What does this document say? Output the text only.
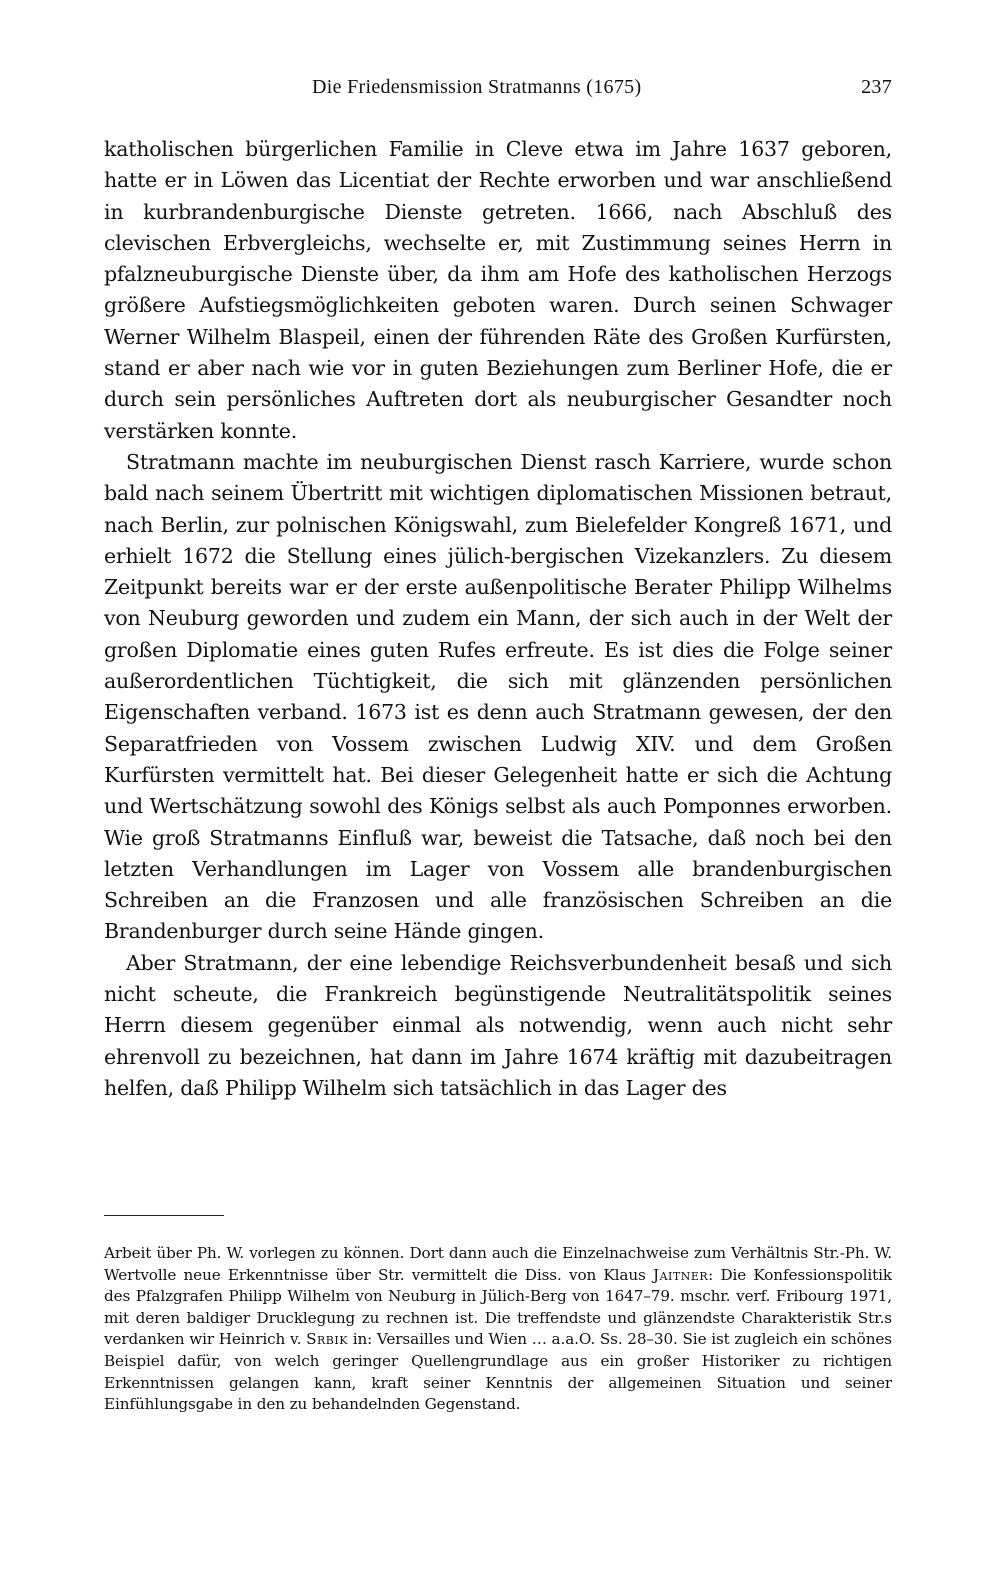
Die Friedensmission Stratmanns (1675)	237

katholischen bürgerlichen Familie in Cleve etwa im Jahre 1637 geboren, hatte er in Löwen das Licentiat der Rechte erworben und war anschließend in kurbrandenburgische Dienste getreten. 1666, nach Abschluß des clevischen Erbvergleichs, wechselte er, mit Zustimmung seines Herrn in pfalzneuburgische Dienste über, da ihm am Hofe des katholischen Herzogs größere Aufstiegsmöglichkeiten geboten waren. Durch seinen Schwager Werner Wilhelm Blaspeil, einen der führenden Räte des Großen Kurfürsten, stand er aber nach wie vor in guten Beziehungen zum Berliner Hofe, die er durch sein persönliches Auftreten dort als neuburgischer Gesandter noch verstärken konnte.

Stratmann machte im neuburgischen Dienst rasch Karriere, wurde schon bald nach seinem Übertritt mit wichtigen diplomatischen Missionen betraut, nach Berlin, zur polnischen Königswahl, zum Bielefelder Kongreß 1671, und erhielt 1672 die Stellung eines jülich-bergischen Vizekanzlers. Zu diesem Zeitpunkt bereits war er der erste außenpolitische Berater Philipp Wilhelms von Neuburg geworden und zudem ein Mann, der sich auch in der Welt der großen Diplomatie eines guten Rufes erfreute. Es ist dies die Folge seiner außerordentlichen Tüchtigkeit, die sich mit glänzenden persönlichen Eigenschaften verband. 1673 ist es denn auch Stratmann gewesen, der den Separatfrieden von Vossem zwischen Ludwig XIV. und dem Großen Kurfürsten vermittelt hat. Bei dieser Gelegenheit hatte er sich die Achtung und Wertschätzung sowohl des Königs selbst als auch Pomponnes erworben. Wie groß Stratmanns Einfluß war, beweist die Tatsache, daß noch bei den letzten Verhandlungen im Lager von Vossem alle brandenburgischen Schreiben an die Franzosen und alle französischen Schreiben an die Brandenburger durch seine Hände gingen.

Aber Stratmann, der eine lebendige Reichsverbundenheit besaß und sich nicht scheute, die Frankreich begünstigende Neutralitätspolitik seines Herrn diesem gegenüber einmal als notwendig, wenn auch nicht sehr ehrenvoll zu bezeichnen, hat dann im Jahre 1674 kräftig mit dazubeitragen helfen, daß Philipp Wilhelm sich tatsächlich in das Lager des

Arbeit über Ph. W. vorlegen zu können. Dort dann auch die Einzelnachweise zum Verhältnis Str.-Ph. W. Wertvolle neue Erkenntnisse über Str. vermittelt die Diss. von Klaus Jaitner: Die Konfessionspolitik des Pfalzgrafen Philipp Wilhelm von Neuburg in Jülich-Berg von 1647–79. mschr. verf. Fribourg 1971, mit deren baldiger Drucklegung zu rechnen ist. Die treffendste und glänzendste Charakteristik Str.s verdanken wir Heinrich v. Srbik in: Versailles und Wien … a.a.O. Ss. 28–30. Sie ist zugleich ein schönes Beispiel dafür, von welch geringer Quellengrundlage aus ein großer Historiker zu richtigen Erkenntnissen gelangen kann, kraft seiner Kenntnis der allgemeinen Situation und seiner Einfühlungsgabe in den zu behandelnden Gegenstand.
